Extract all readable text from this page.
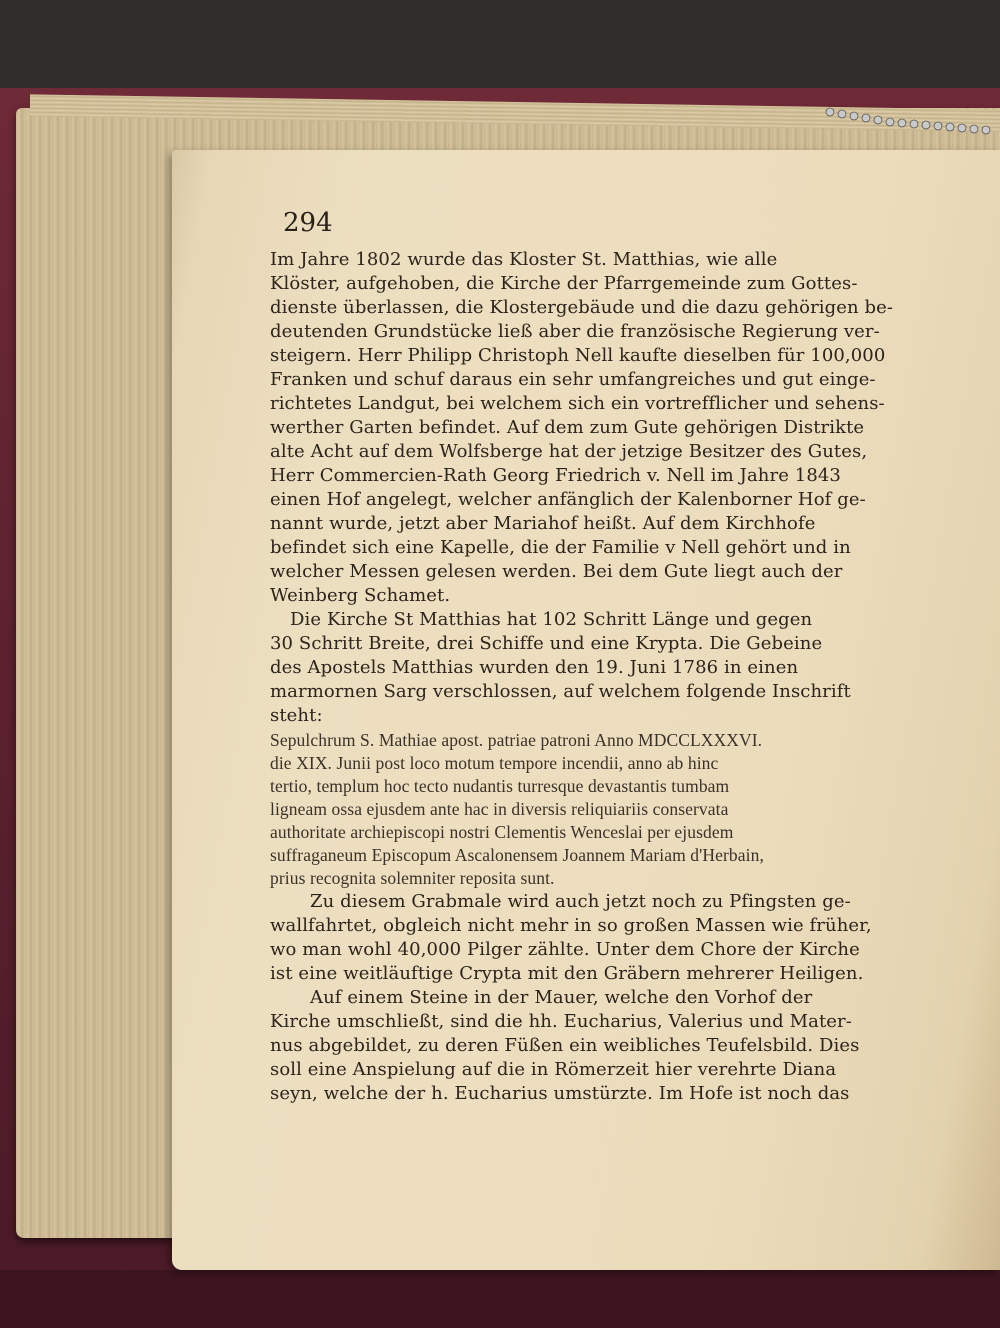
294
Im Jahre 1802 wurde das Kloster St. Matthias, wie alle
Klöster, aufgehoben, die Kirche der Pfarrgemeinde zum Gottes-
dienste überlassen, die Klostergebäude und die dazu gehörigen be-
deutenden Grundstücke ließ aber die französische Regierung ver-
steigern. Herr Philipp Christoph Nell kaufte dieselben für 100,000
Franken und schuf daraus ein sehr umfangreiches und gut einge-
richtetes Landgut, bei welchem sich ein vortrefflicher und sehens-
werther Garten befindet. Auf dem zum Gute gehörigen Distrikte
alte Acht auf dem Wolfsberge hat der jetzige Besitzer des Gutes,
Herr Commercien-Rath Georg Friedrich v. Nell im Jahre 1843
einen Hof angelegt, welcher anfänglich der Kalenborner Hof ge-
nannt wurde, jetzt aber Mariahof heißt. Auf dem Kirchhofe
befindet sich eine Kapelle, die der Familie v Nell gehört und in
welcher Messen gelesen werden. Bei dem Gute liegt auch der
Weinberg Schamet.
Die Kirche St Matthias hat 102 Schritt Länge und gegen
30 Schritt Breite, drei Schiffe und eine Krypta. Die Gebeine
des Apostels Matthias wurden den 19. Juni 1786 in einen
marmornen Sarg verschlossen, auf welchem folgende Inschrift
steht:
Sepulchrum S. Mathiae apost. patriae patroni Anno MDCCLXXXVI.
die XIX. Junii post loco motum tempore incendii, anno ab hinc
tertio, templum hoc tecto nudantis turresque devastantis tumbam
ligneam ossa ejusdem ante hac in diversis reliquiariis conservata
authoritate archiepiscopi nostri Clementis Wenceslai per ejusdem
suffraganeum Episcopum Ascalonensem Joannem Mariam d'Herbain,
prius recognita solemniter reposita sunt.
Zu diesem Grabmale wird auch jetzt noch zu Pfingsten ge-
wallfahrtet, obgleich nicht mehr in so großen Massen wie früher,
wo man wohl 40,000 Pilger zählte. Unter dem Chore der Kirche
ist eine weitläuftige Crypta mit den Gräbern mehrerer Heiligen.
Auf einem Steine in der Mauer, welche den Vorhof der
Kirche umschließt, sind die hh. Eucharius, Valerius und Mater-
nus abgebildet, zu deren Füßen ein weibliches Teufelsbild. Dies
soll eine Anspielung auf die in Römerzeit hier verehrte Diana
seyn, welche der h. Eucharius umstürzte. Im Hofe ist noch das
